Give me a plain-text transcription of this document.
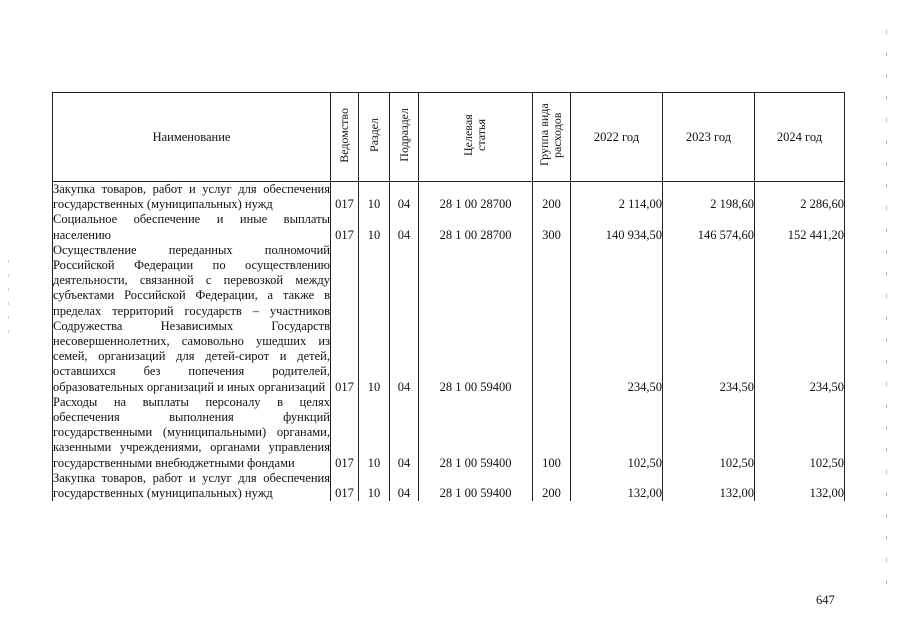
Наименование	Ведомство	Раздел	Подраздел	Целевая статья	Группа вида расходов	2022 год	2023 год	2024 год
Закупка товаров, работ и услуг для обеспечения государственных (муниципальных) нужд	017	10	04	28 1 00 28700	200	2 114,00	2 198,60	2 286,60
Социальное обеспечение и иные выплаты населению	017	10	04	28 1 00 28700	300	140 934,50	146 574,60	152 441,20
Осуществление переданных полномочий Российской Федерации по осуществлению деятельности, связанной с перевозкой между субъектами Российской Федерации, а также в пределах территорий государств – участников Содружества Независимых Государств несовершеннолетних, самовольно ушедших из семей, организаций для детей-сирот и детей, оставшихся без попечения родителей, образовательных организаций и иных организаций	017	10	04	28 1 00 59400		234,50	234,50	234,50
Расходы на выплаты персоналу в целях обеспечения выполнения функций государственными (муниципальными) органами, казенными учреждениями, органами управления государственными внебюджетными фондами	017	10	04	28 1 00 59400	100	102,50	102,50	102,50
Закупка товаров, работ и услуг для обеспечения государственных (муниципальных) нужд	017	10	04	28 1 00 59400	200	132,00	132,00	132,00
647
